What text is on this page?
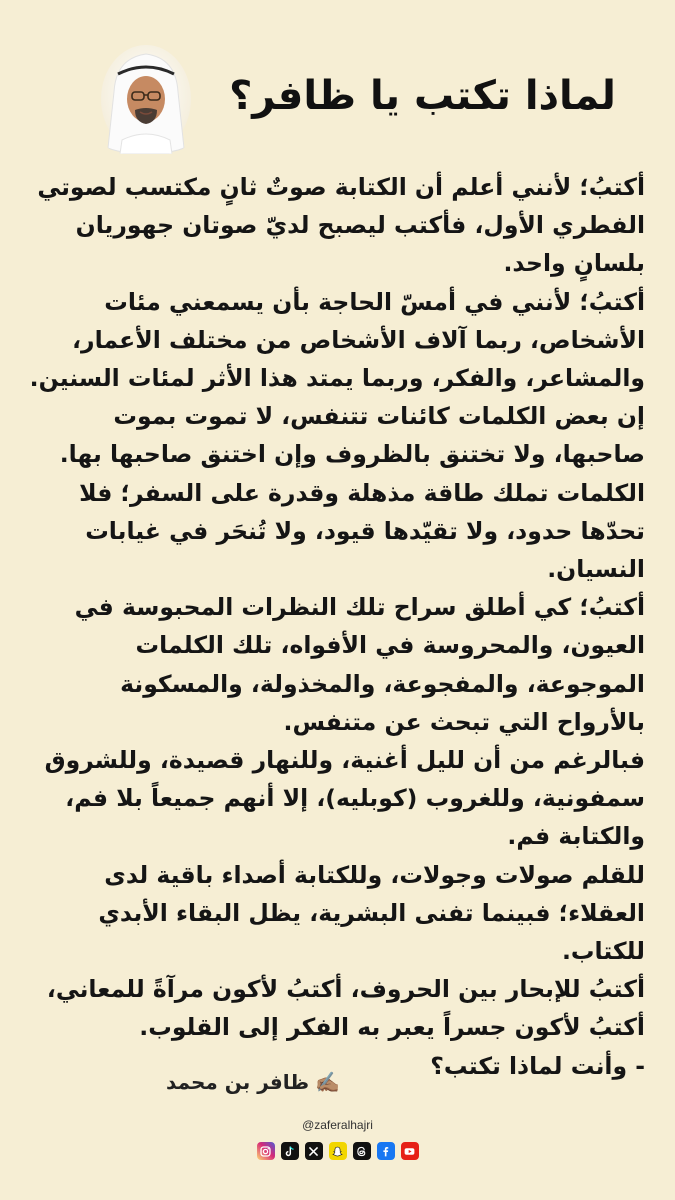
لماذا تكتب يا ظافر؟

أكتبُ؛ لأنني أعلم أن الكتابة صوتٌ ثانٍ مكتسب لصوتي الفطري الأول، فأكتب ليصبح لديّ صوتان جهوريان بلسانٍ واحد.

أكتبُ؛ لأنني في أمسّ الحاجة بأن يسمعني مئات الأشخاص، ربما آلاف الأشخاص من مختلف الأعمار، والمشاعر، والفكر، وربما يمتد هذا الأثر لمئات السنين.

إن بعض الكلمات كائنات تتنفس، لا تموت بموت صاحبها، ولا تختنق بالظروف وإن اختنق صاحبها بها.

الكلمات تملك طاقة مذهلة وقدرة على السفر؛ فلا تحدّها حدود، ولا تقيّدها قيود، ولا تُنحَر في غيابات النسيان.

أكتبُ؛ كي أطلق سراح تلك النظرات المحبوسة في العيون، والمحروسة في الأفواه، تلك الكلمات الموجوعة، والمفجوعة، والمخذولة، والمسكونة بالأرواح التي تبحث عن متنفس.

فبالرغم من أن لليل أغنية، وللنهار قصيدة، وللشروق سمفونية، وللغروب (كوبليه)، إلا أنهم جميعاً بلا فم، والكتابة فم.

للقلم صولات وجولات، وللكتابة أصداء باقية لدى العقلاء؛ فبينما تفنى البشرية، يظل البقاء الأبدي للكتاب.

أكتبُ للإبحار بين الحروف، أكتبُ لأكون مرآةً للمعاني، أكتبُ لأكون جسراً يعبر به الفكر إلى القلوب.

- وأنت لماذا تكتب؟

✍🏽ظافر بن محمد
@zaferalhajri
